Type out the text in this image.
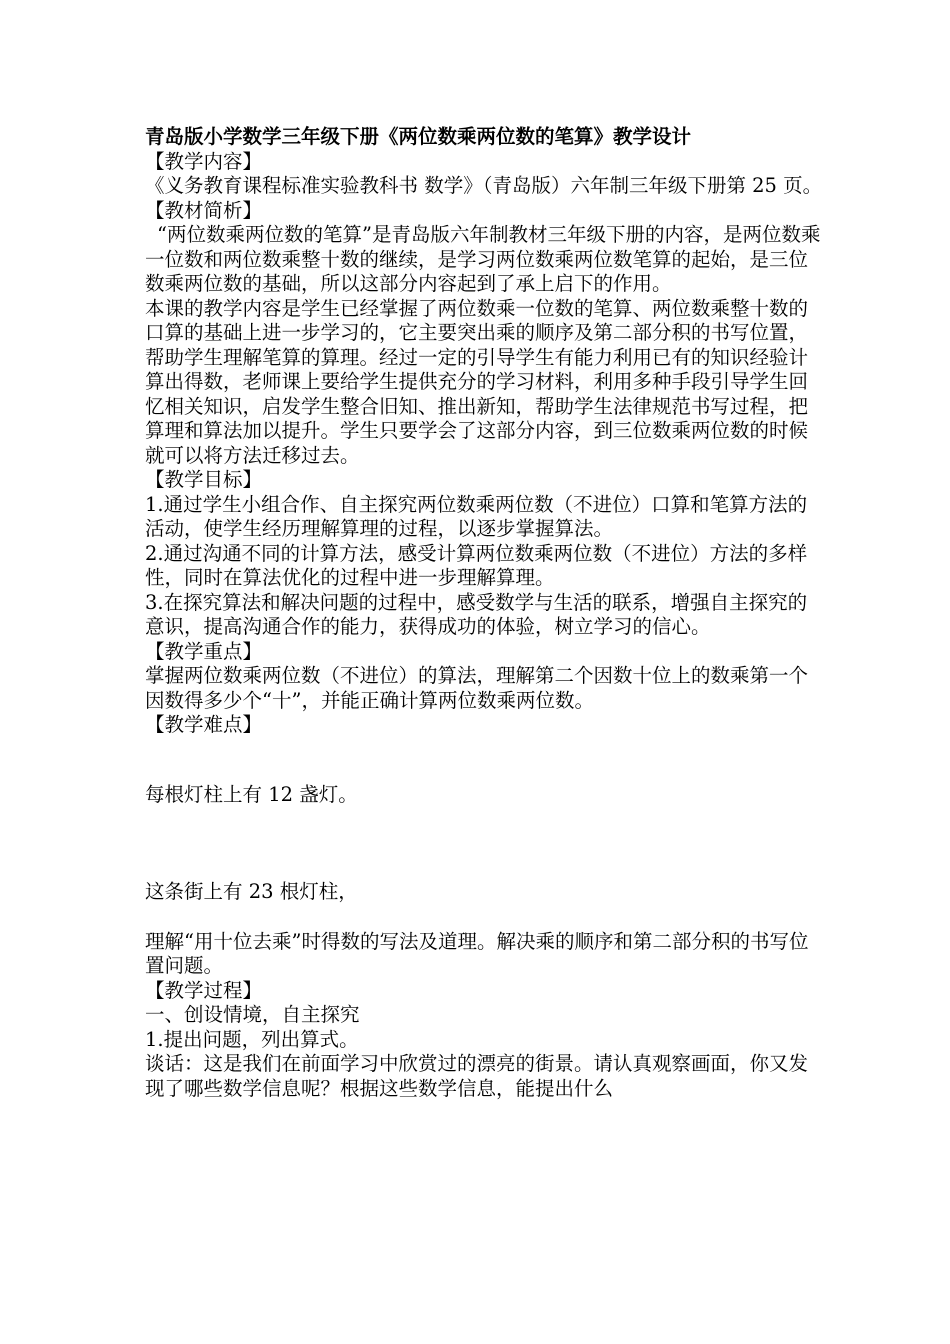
青岛版小学数学三年级下册《两位数乘两位数的笔算》教学设计

【教学内容】

《义务教育课程标准实验教科书 数学》（青岛版）六年制三年级下册第 25 页。

【教材简析】

“两位数乘两位数的笔算”是青岛版六年制教材三年级下册的内容，是两位数乘一位数和两位数乘整十数的继续，是学习两位数乘两位数笔算的起始，是三位数乘两位数的基础，所以这部分内容起到了承上启下的作用。

本课的教学内容是学生已经掌握了两位数乘一位数的笔算、两位数乘整十数的口算的基础上进一步学习的，它主要突出乘的顺序及第二部分积的书写位置，帮助学生理解笔算的算理。经过一定的引导学生有能力利用已有的知识经验计算出得数，老师课上要给学生提供充分的学习材料，利用多种手段引导学生回忆相关知识，启发学生整合旧知、推出新知，帮助学生法律规范书写过程，把算理和算法加以提升。学生只要学会了这部分内容，到三位数乘两位数的时候就可以将方法迁移过去。

【教学目标】

1.通过学生小组合作、自主探究两位数乘两位数（不进位）口算和笔算方法的活动，使学生经历理解算理的过程，以逐步掌握算法。

2.通过沟通不同的计算方法，感受计算两位数乘两位数（不进位）方法的多样性，同时在算法优化的过程中进一步理解算理。

3.在探究算法和解决问题的过程中，感受数学与生活的联系，增强自主探究的意识，提高沟通合作的能力，获得成功的体验，树立学习的信心。

【教学重点】

掌握两位数乘两位数（不进位）的算法，理解第二个因数十位上的数乘第一个因数得多少个“十”，并能正确计算两位数乘两位数。

【教学难点】

每根灯柱上有 12 盏灯。

这条街上有 23 根灯柱，

理解“用十位去乘”时得数的写法及道理。解决乘的顺序和第二部分积的书写位置问题。

【教学过程】

一、创设情境，自主探究

1.提出问题，列出算式。

谈话：这是我们在前面学习中欣赏过的漂亮的街景。请认真观察画面，你又发现了哪些数学信息呢？根据这些数学信息，能提出什么
